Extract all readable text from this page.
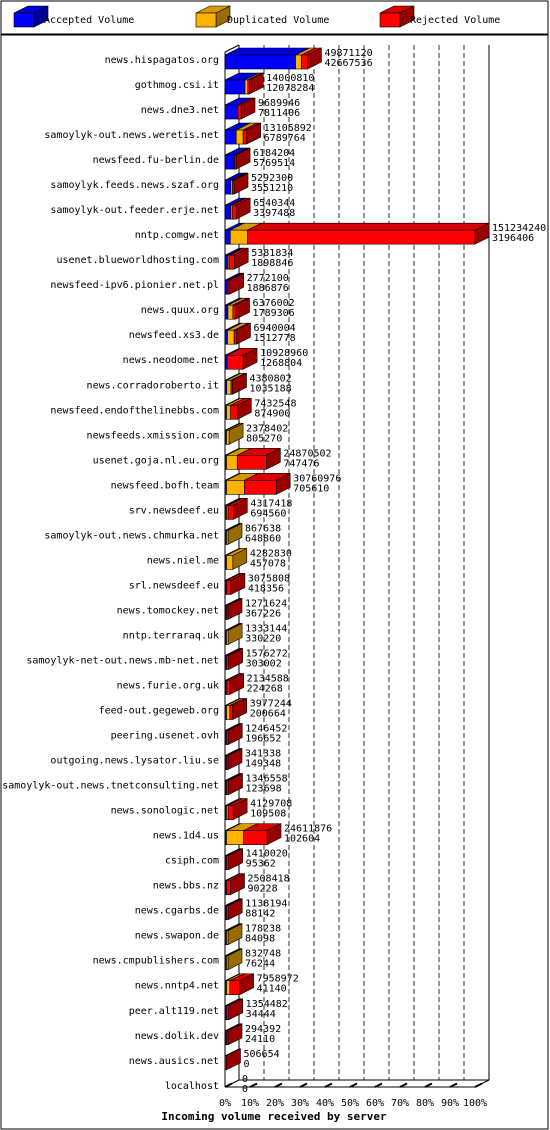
Accepted Volume	Duplicated Volume	Rejected Volume
news.hispagatos.org
gothmog.csi.it
news.dne3.net
samoylyk-out.news.weretis.net
newsfeed.fu-berlin.de
samoylyk.feeds.news.szaf.org
samoylyk-out.feeder.erje.net
nntp.comgw.net
usenet.blueworldhosting.com
newsfeed-ipv6.pionier.net.pl
news.quux.org
newsfeed.xs3.de
news.neodome.net
news.corradoroberto.it
newsfeed.endofthelinebbs.com
newsfeeds.xmission.com
usenet.goja.nl.eu.org
newsfeed.bofh.team
srv.newsdeef.eu
samoylyk-out.news.chmurka.net
news.niel.me
srl.newsdeef.eu
news.tomockey.net
nntp.terraraq.uk
samoylyk-net-out.news.mb-net.net
news.furie.org.uk
feed-out.gegeweb.org
peering.usenet.ovh
outgoing.news.lysator.liu.se
samoylyk-out.news.tnetconsulting.net
news.sonologic.net
news.1d4.us
csiph.com
news.bbs.nz
news.cgarbs.de
news.swapon.de
news.cmpublishers.com
news.nntp4.net
peer.alt119.net
news.dolik.dev
news.ausics.net
localhost
49871120
42667536
14000810
12078284
9689946
7811406
13105892
6789764
6184204
5769514
5292300
3551210
6540344
3397488
151234240
3196406
5381834
1898846
2772100
1886876
6376002
1789306
6940004
1512778
10928960
1268804
4380802
1035188
7432548
874900
2378402
805270
24870502
747476
30760976
705610
4317418
694560
867638
648860
4282830
457078
3075808
418356
1271624
367226
1333144
330220
1576272
303002
2134588
224268
3977244
200664
1246452
196652
341338
149348
1346558
123698
4129708
109508
24611876
102604
1410020
95362
2508418
90228
1138194
88142
178238
84098
832748
76244
7958972
41140
1354482
34444
294392
24110
506654
0
0
0
0% 10% 20% 30% 40% 50% 60% 70% 80% 90% 100%
Incoming volume received by server
